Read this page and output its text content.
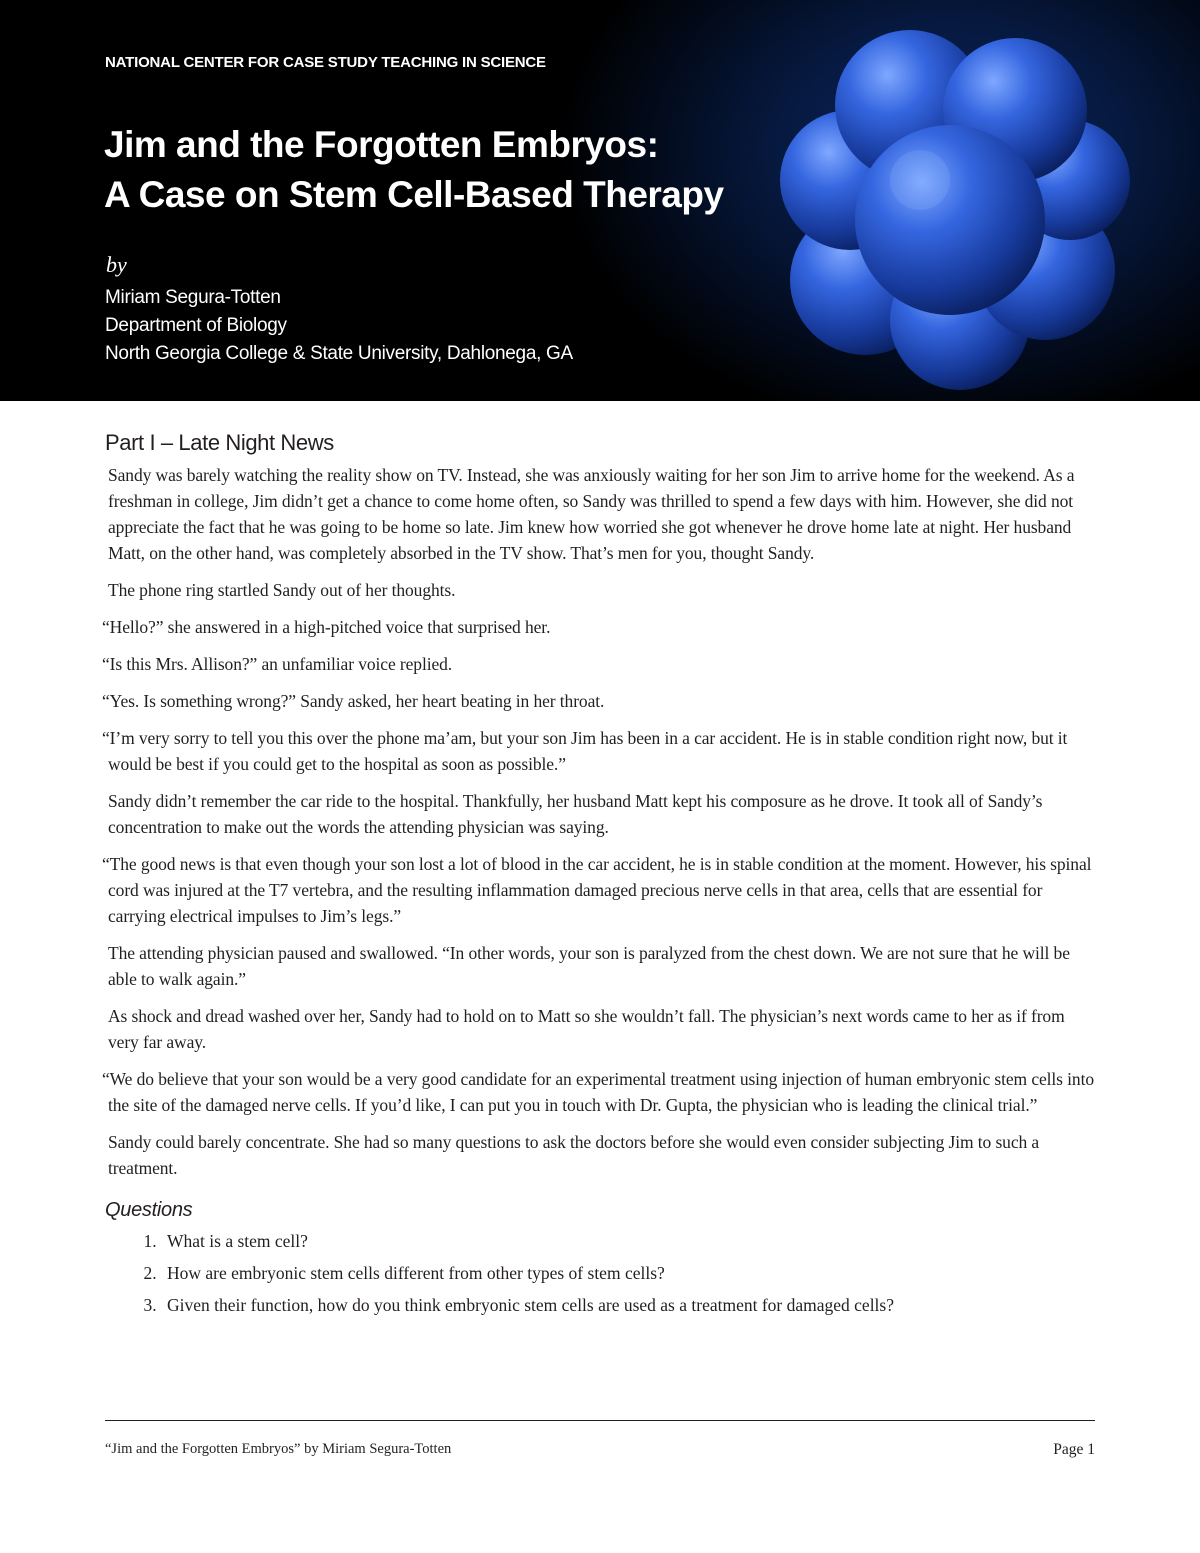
NATIONAL CENTER FOR CASE STUDY TEACHING IN SCIENCE
Jim and the Forgotten Embryos:
A Case on Stem Cell-Based Therapy
by
Miriam Segura-Totten
Department of Biology
North Georgia College & State University, Dahlonega, GA
Part I – Late Night News

Sandy was barely watching the reality show on TV. Instead, she was anxiously waiting for her son Jim to arrive home for the weekend. As a freshman in college, Jim didn’t get a chance to come home often, so Sandy was thrilled to spend a few days with him. However, she did not appreciate the fact that he was going to be home so late. Jim knew how worried she got whenever he drove home late at night. Her husband Matt, on the other hand, was completely absorbed in the TV show. That’s men for you, thought Sandy.

The phone ring startled Sandy out of her thoughts.

“Hello?” she answered in a high-pitched voice that surprised her.

“Is this Mrs. Allison?” an unfamiliar voice replied.

“Yes. Is something wrong?” Sandy asked, her heart beating in her throat.

“I’m very sorry to tell you this over the phone ma’am, but your son Jim has been in a car accident. He is in stable condition right now, but it would be best if you could get to the hospital as soon as possible.”

Sandy didn’t remember the car ride to the hospital. Thankfully, her husband Matt kept his composure as he drove. It took all of Sandy’s concentration to make out the words the attending physician was saying.

“The good news is that even though your son lost a lot of blood in the car accident, he is in stable condition at the moment. However, his spinal cord was injured at the T7 vertebra, and the resulting inflammation damaged precious nerve cells in that area, cells that are essential for carrying electrical impulses to Jim’s legs.”

The attending physician paused and swallowed. “In other words, your son is paralyzed from the chest down. We are not sure that he will be able to walk again.”

As shock and dread washed over her, Sandy had to hold on to Matt so she wouldn’t fall. The physician’s next words came to her as if from very far away.

“We do believe that your son would be a very good candidate for an experimental treatment using injection of human embryonic stem cells into the site of the damaged nerve cells. If you’d like, I can put you in touch with Dr. Gupta, the physician who is leading the clinical trial.”

Sandy could barely concentrate. She had so many questions to ask the doctors before she would even consider subjecting Jim to such a treatment.

Questions
1. What is a stem cell?
2. How are embryonic stem cells different from other types of stem cells?
3. Given their function, how do you think embryonic stem cells are used as a treatment for damaged cells?
“Jim and the Forgotten Embryos” by Miriam Segura-Totten	Page 1
